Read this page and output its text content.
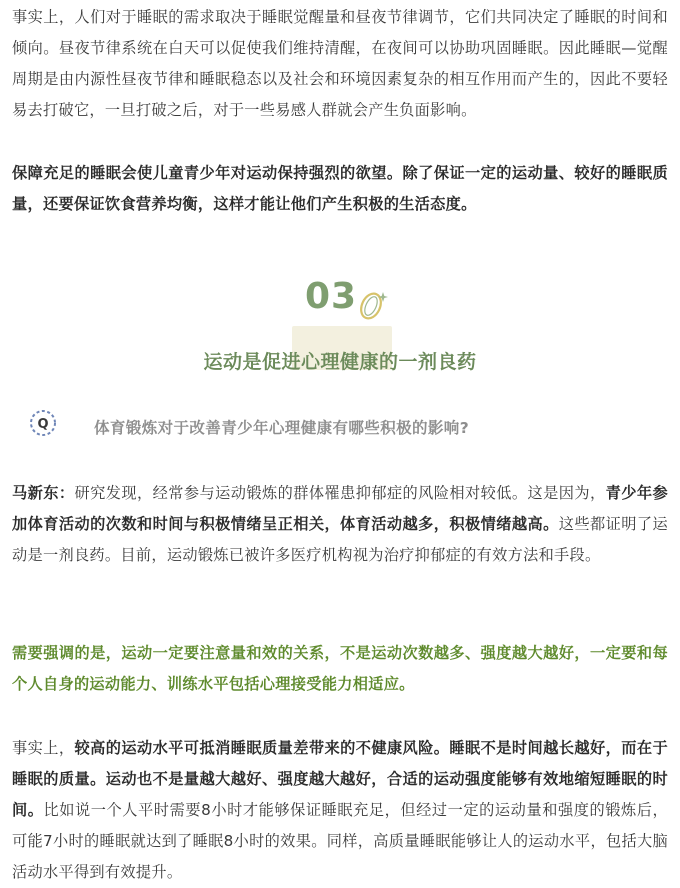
事实上，人们对于睡眠的需求取决于睡眠觉醒量和昼夜节律调节，它们共同决定了睡眠的时间和倾向。昼夜节律系统在白天可以促使我们维持清醒，在夜间可以协助巩固睡眠。因此睡眠—觉醒周期是由内源性昼夜节律和睡眠稳态以及社会和环境因素复杂的相互作用而产生的，因此不要轻易去打破它，一旦打破之后，对于一些易感人群就会产生负面影响。

保障充足的睡眠会使儿童青少年对运动保持强烈的欲望。除了保证一定的运动量、较好的睡眠质量，还要保证饮食营养均衡，这样才能让他们产生积极的生活态度。

03
运动是促进心理健康的一剂良药
Q	体育锻炼对于改善青少年心理健康有哪些积极的影响?

马新东：研究发现，经常参与运动锻炼的群体罹患抑郁症的风险相对较低。这是因为，青少年参加体育活动的次数和时间与积极情绪呈正相关，体育活动越多，积极情绪越高。这些都证明了运动是一剂良药。目前，运动锻炼已被许多医疗机构视为治疗抑郁症的有效方法和手段。

需要强调的是，运动一定要注意量和效的关系，不是运动次数越多、强度越大越好，一定要和每个人自身的运动能力、训练水平包括心理接受能力相适应。

事实上，较高的运动水平可抵消睡眠质量差带来的不健康风险。睡眠不是时间越长越好，而在于睡眠的质量。运动也不是量越大越好、强度越大越好，合适的运动强度能够有效地缩短睡眠的时间。比如说一个人平时需要8小时才能够保证睡眠充足，但经过一定的运动量和强度的锻炼后，可能7小时的睡眠就达到了睡眠8小时的效果。同样，高质量睡眠能够让人的运动水平，包括大脑活动水平得到有效提升。
